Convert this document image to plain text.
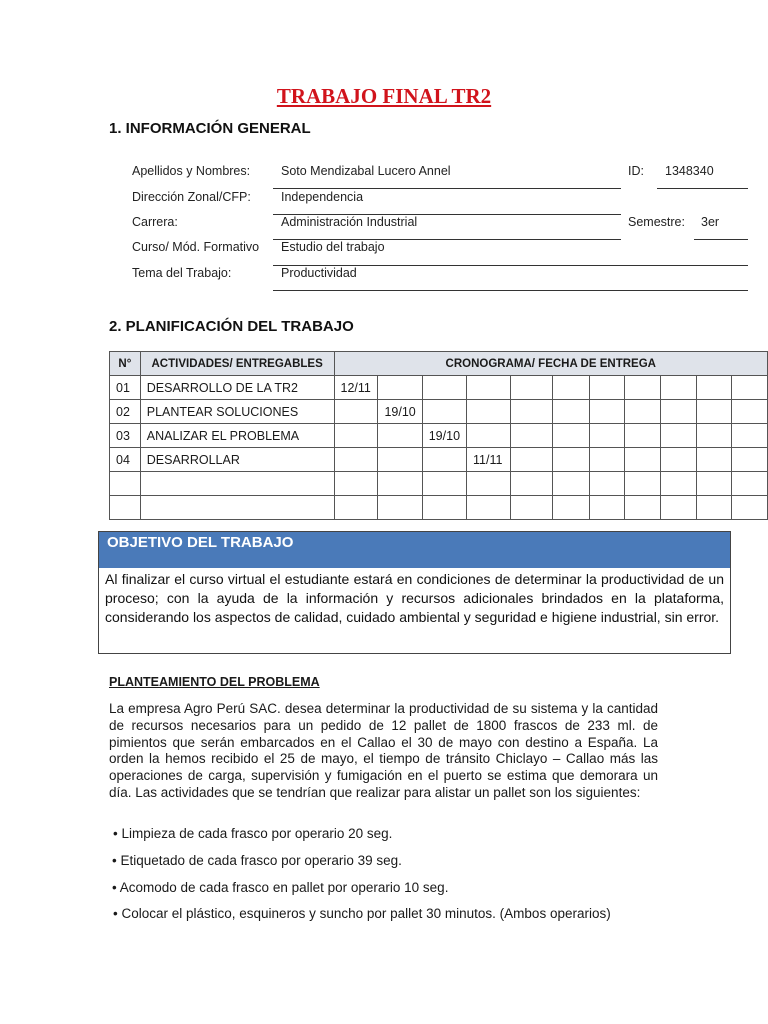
TRABAJO FINAL TR2
1. INFORMACIÓN GENERAL
Apellidos y Nombres: Soto Mendizabal Lucero Annel	ID: 1348340
Dirección Zonal/CFP: Independencia
Carrera:	Administración Industrial	Semestre: 3er
Curso/ Mód. Formativo Estudio del trabajo
Tema del Trabajo:	Productividad
2. PLANIFICACIÓN DEL TRABAJO
N°	ACTIVIDADES/ ENTREGABLES	CRONOGRAMA/ FECHA DE ENTREGA										
01	DESARROLLO DE LA TR2	12/11										
02	PLANTEAR SOLUCIONES		19/10									
03	ANALIZAR EL PROBLEMA			19/10								
04	DESARROLLAR				11/11							

OBJETIVO DEL TRABAJO
Al finalizar el curso virtual el estudiante estará en condiciones de determinar la productividad de un proceso; con la ayuda de la información y recursos adicionales brindados en la plataforma, considerando los aspectos de calidad, cuidado ambiental y seguridad e higiene industrial, sin error.
PLANTEAMIENTO DEL PROBLEMA
La empresa Agro Perú SAC. desea determinar la productividad de su sistema y la cantidad de recursos necesarios para un pedido de 12 pallet de 1800 frascos de 233 ml. de pimientos que serán embarcados en el Callao el 30 de mayo con destino a España. La orden la hemos recibido el 25 de mayo, el tiempo de tránsito Chiclayo – Callao más las operaciones de carga, supervisión y fumigación en el puerto se estima que demorara un día. Las actividades que se tendrían que realizar para alistar un pallet son los siguientes:
• Limpieza de cada frasco por operario 20 seg.
• Etiquetado de cada frasco por operario 39 seg.
• Acomodo de cada frasco en pallet por operario 10 seg.
• Colocar el plástico, esquineros y suncho por pallet 30 minutos. (Ambos operarios)
